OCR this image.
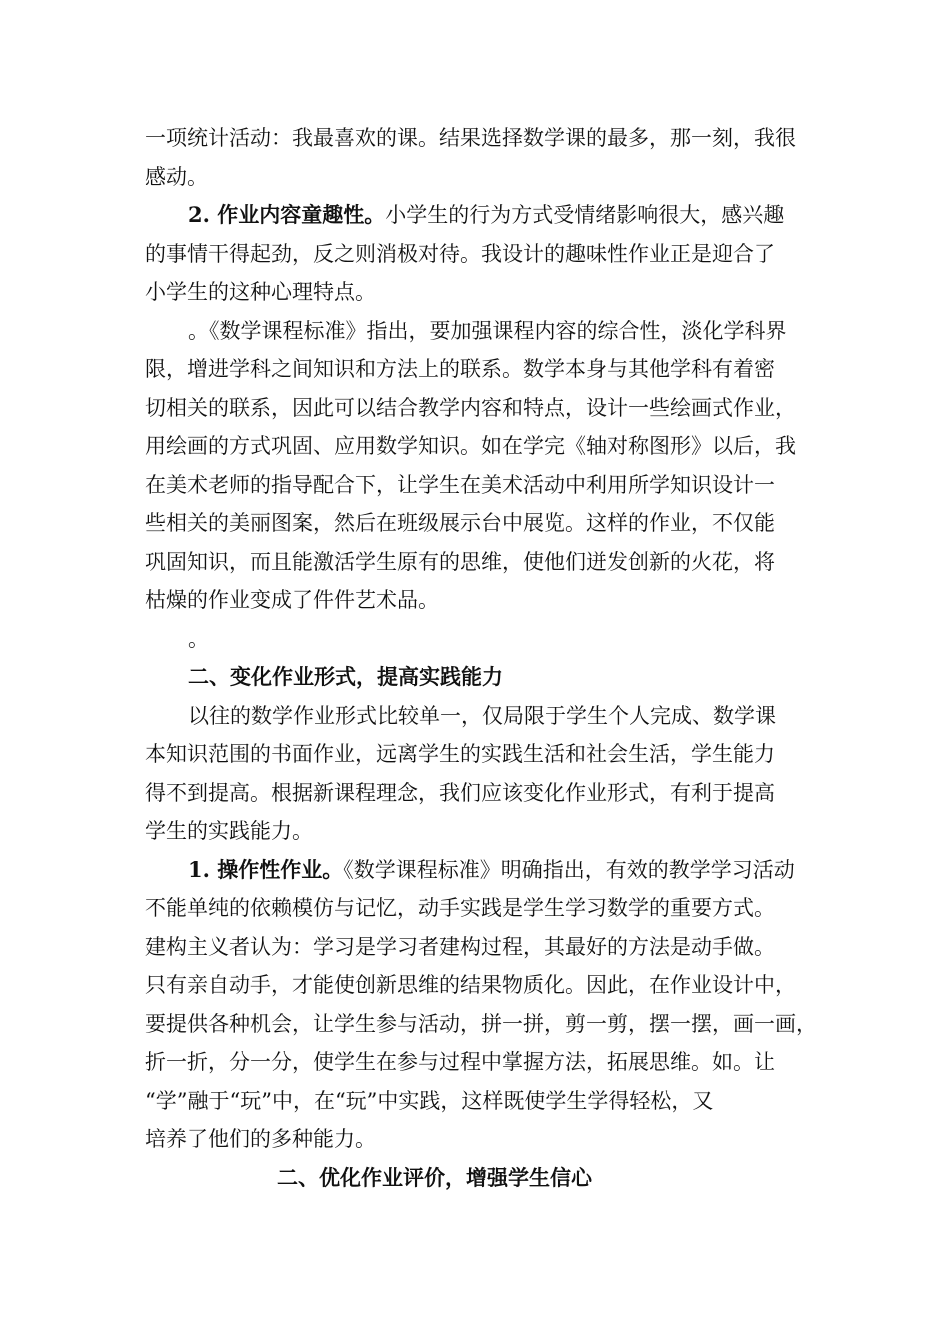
一项统计活动：我最喜欢的课。结果选择数学课的最多，那一刻，我很
感动。
2. 作业内容童趣性。小学生的行为方式受情绪影响很大，感兴趣
的事情干得起劲，反之则消极对待。我设计的趣味性作业正是迎合了
小学生的这种心理特点。
。《数学课程标准》指出，要加强课程内容的综合性，淡化学科界
限，增进学科之间知识和方法上的联系。数学本身与其他学科有着密
切相关的联系，因此可以结合教学内容和特点，设计一些绘画式作业，
用绘画的方式巩固、应用数学知识。如在学完《轴对称图形》以后，我
在美术老师的指导配合下，让学生在美术活动中利用所学知识设计一
些相关的美丽图案，然后在班级展示台中展览。这样的作业，不仅能
巩固知识，而且能激活学生原有的思维，使他们迸发创新的火花，将
枯燥的作业变成了件件艺术品。
。
二、变化作业形式，提高实践能力
以往的数学作业形式比较单一，仅局限于学生个人完成、数学课
本知识范围的书面作业，远离学生的实践生活和社会生活，学生能力
得不到提高。根据新课程理念，我们应该变化作业形式，有利于提高
学生的实践能力。
1. 操作性作业。《数学课程标准》明确指出，有效的教学学习活动
不能单纯的依赖模仿与记忆，动手实践是学生学习数学的重要方式。
建构主义者认为：学习是学习者建构过程，其最好的方法是动手做。
只有亲自动手，才能使创新思维的结果物质化。因此，在作业设计中，
要提供各种机会，让学生参与活动，拼一拼，剪一剪，摆一摆，画一画，
折一折，分一分，使学生在参与过程中掌握方法，拓展思维。如。让
“学”融于“玩”中，在“玩”中实践，这样既使学生学得轻松，又
培养了他们的多种能力。
二、优化作业评价，增强学生信心
